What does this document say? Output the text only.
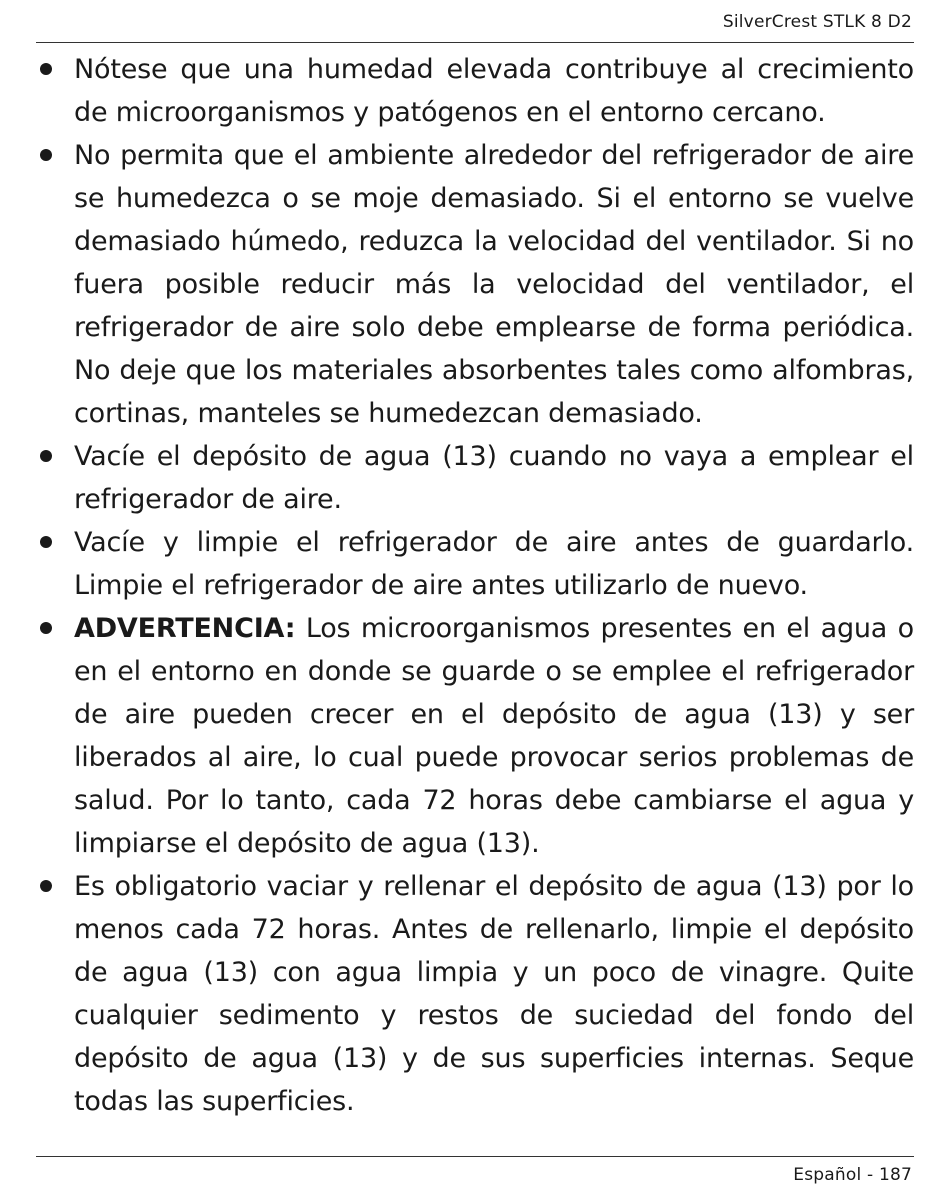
SilverCrest STLK 8 D2
Nótese que una humedad elevada contribuye al crecimiento de microorganismos y patógenos en el entorno cercano.
No permita que el ambiente alrededor del refrigerador de aire se humedezca o se moje demasiado. Si el entorno se vuelve demasiado húmedo, reduzca la velocidad del ventilador. Si no fuera posible reducir más la velocidad del ventilador, el refrigerador de aire solo debe emplearse de forma periódica. No deje que los materiales absorbentes tales como alfombras, cortinas, manteles se humedezcan demasiado.
Vacíe el depósito de agua (13) cuando no vaya a emplear el refrigerador de aire.
Vacíe y limpie el refrigerador de aire antes de guardarlo. Limpie el refrigerador de aire antes utilizarlo de nuevo.
ADVERTENCIA: Los microorganismos presentes en el agua o en el entorno en donde se guarde o se emplee el refrigerador de aire pueden crecer en el depósito de agua (13) y ser liberados al aire, lo cual puede provocar serios problemas de salud. Por lo tanto, cada 72 horas debe cambiarse el agua y limpiarse el depósito de agua (13).
Es obligatorio vaciar y rellenar el depósito de agua (13) por lo menos cada 72 horas. Antes de rellenarlo, limpie el depósito de agua (13) con agua limpia y un poco de vinagre. Quite cualquier sedimento y restos de suciedad del fondo del depósito de agua (13) y de sus superficies internas. Seque todas las superficies.
Español - 187
